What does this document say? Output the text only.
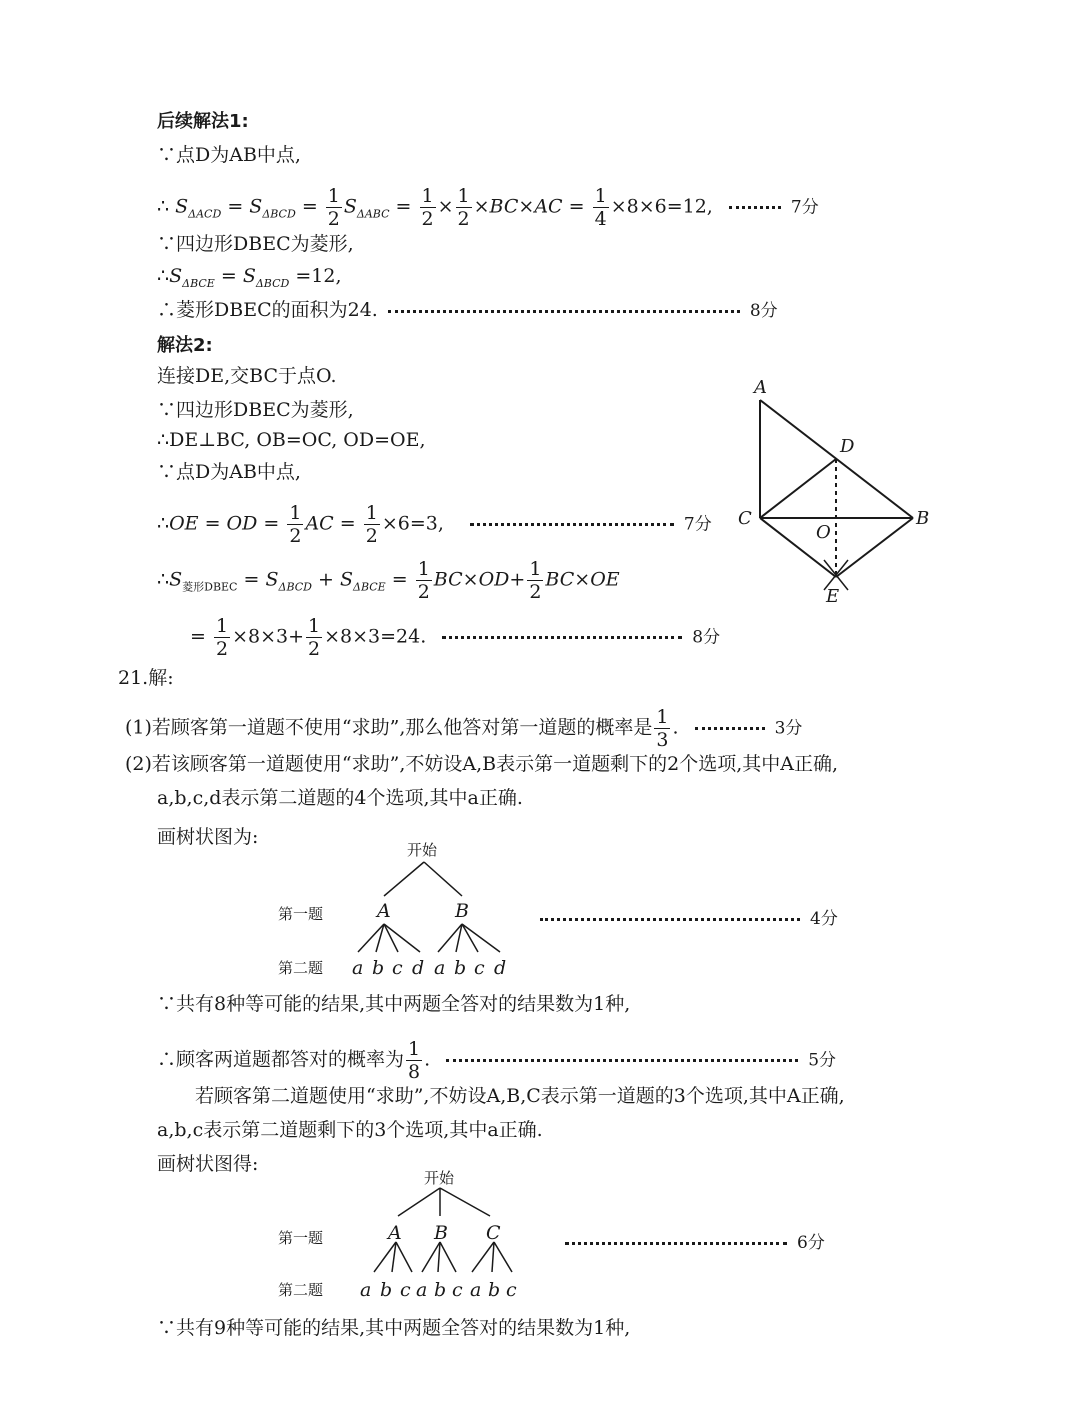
后续解法1:
∵点D为AB中点,
∴ $S_{\Delta ACD} = S_{\Delta BCD} = \frac{1}{2} S_{\Delta ABC} = \frac{1}{2} \times \frac{1}{2} \times BC\times AC = \frac{1}{4} \times 8\times 6=12$,	7分
∵四边形DBEC为菱形,
$\therefore S_{\Delta BCE} = S_{\Delta BCD} =12$,
∴菱形DBEC的面积为24.	8分
解法2:
连接DE,交BC于点O.
∵四边形DBEC为菱形,
∴DE⊥BC, OB=OC, OD=OE,
∵点D为AB中点,
∴OE = OD = $\frac{1}{2}$ AC = $\frac{1}{2} \times 6=3$,	7分
$\therefore S_{菱形DBEC} = S_{\Delta BCD} + S_{\Delta BCE} = \frac{1}{2} BC\times OD+ \frac{1}{2} BC\times OE$
= $\frac{1}{2} \times 8\times 3+ \frac{1}{2} \times 8\times 3=24$.	8分
A
D
C
O
B
E
21.解:
(1)若顾客第一道题不使用“求助”,那么他答对第一道题的概率是 $\frac{1}{3}$ .	3分
(2)若该顾客第一道题使用“求助”,不妨设A,B表示第一道题剩下的2个选项,其中A正确,
a,b,c,d表示第二道题的4个选项,其中a正确.
画树状图为:
开始
第一题
第二题
A	B
a b c d a b c d
4分
∵共有8种等可能的结果,其中两题全答对的结果数为1种,
∴顾客两道题都答对的概率为 $\frac{1}{8}$ .	5分
若顾客第二道题使用“求助”,不妨设A,B,C表示第一道题的3个选项,其中A正确,
a,b,c表示第二道题剩下的3个选项,其中a正确.
画树状图得:
开始
第一题
第二题
A B C
a b c a b c a b c
6分
∵共有9种等可能的结果,其中两题全答对的结果数为1种,
